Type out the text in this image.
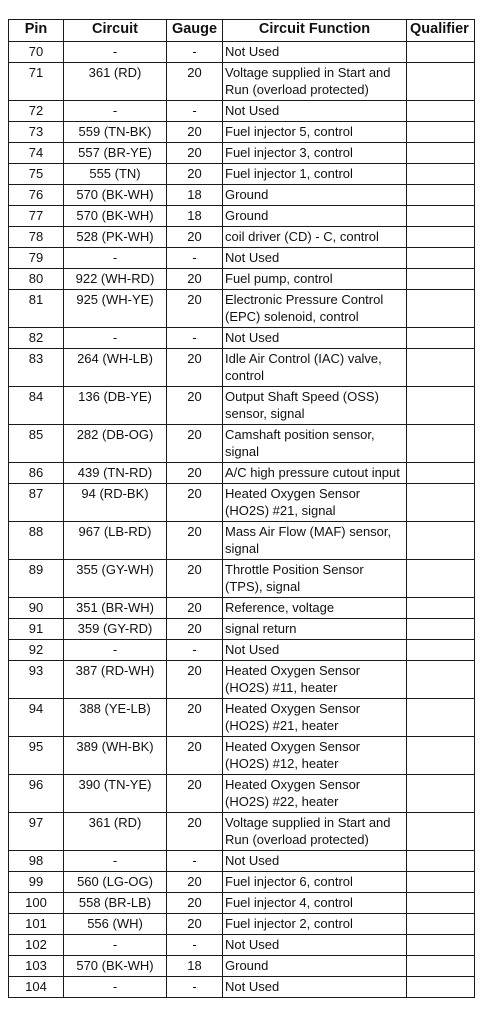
Pin	Circuit	Gauge	Circuit Function	Qualifier
70	-	-	Not Used	
71	361 (RD)	20	Voltage supplied in Start and Run (overload protected)	
72	-	-	Not Used	
73	559 (TN-BK)	20	Fuel injector 5, control	
74	557 (BR-YE)	20	Fuel injector 3, control	
75	555 (TN)	20	Fuel injector 1, control	
76	570 (BK-WH)	18	Ground	
77	570 (BK-WH)	18	Ground	
78	528 (PK-WH)	20	coil driver (CD) - C, control	
79	-	-	Not Used	
80	922 (WH-RD)	20	Fuel pump, control	
81	925 (WH-YE)	20	Electronic Pressure Control (EPC) solenoid, control	
82	-	-	Not Used	
83	264 (WH-LB)	20	Idle Air Control (IAC) valve, control	
84	136 (DB-YE)	20	Output Shaft Speed (OSS) sensor, signal	
85	282 (DB-OG)	20	Camshaft position sensor, signal	
86	439 (TN-RD)	20	A/C high pressure cutout input	
87	94 (RD-BK)	20	Heated Oxygen Sensor (HO2S) #21, signal	
88	967 (LB-RD)	20	Mass Air Flow (MAF) sensor, signal	
89	355 (GY-WH)	20	Throttle Position Sensor (TPS), signal	
90	351 (BR-WH)	20	Reference, voltage	
91	359 (GY-RD)	20	signal return	
92	-	-	Not Used	
93	387 (RD-WH)	20	Heated Oxygen Sensor (HO2S) #11, heater	
94	388 (YE-LB)	20	Heated Oxygen Sensor (HO2S) #21, heater	
95	389 (WH-BK)	20	Heated Oxygen Sensor (HO2S) #12, heater	
96	390 (TN-YE)	20	Heated Oxygen Sensor (HO2S) #22, heater	
97	361 (RD)	20	Voltage supplied in Start and Run (overload protected)	
98	-	-	Not Used	
99	560 (LG-OG)	20	Fuel injector 6, control	
100	558 (BR-LB)	20	Fuel injector 4, control	
101	556 (WH)	20	Fuel injector 2, control	
102	-	-	Not Used	
103	570 (BK-WH)	18	Ground	
104	-	-	Not Used	
